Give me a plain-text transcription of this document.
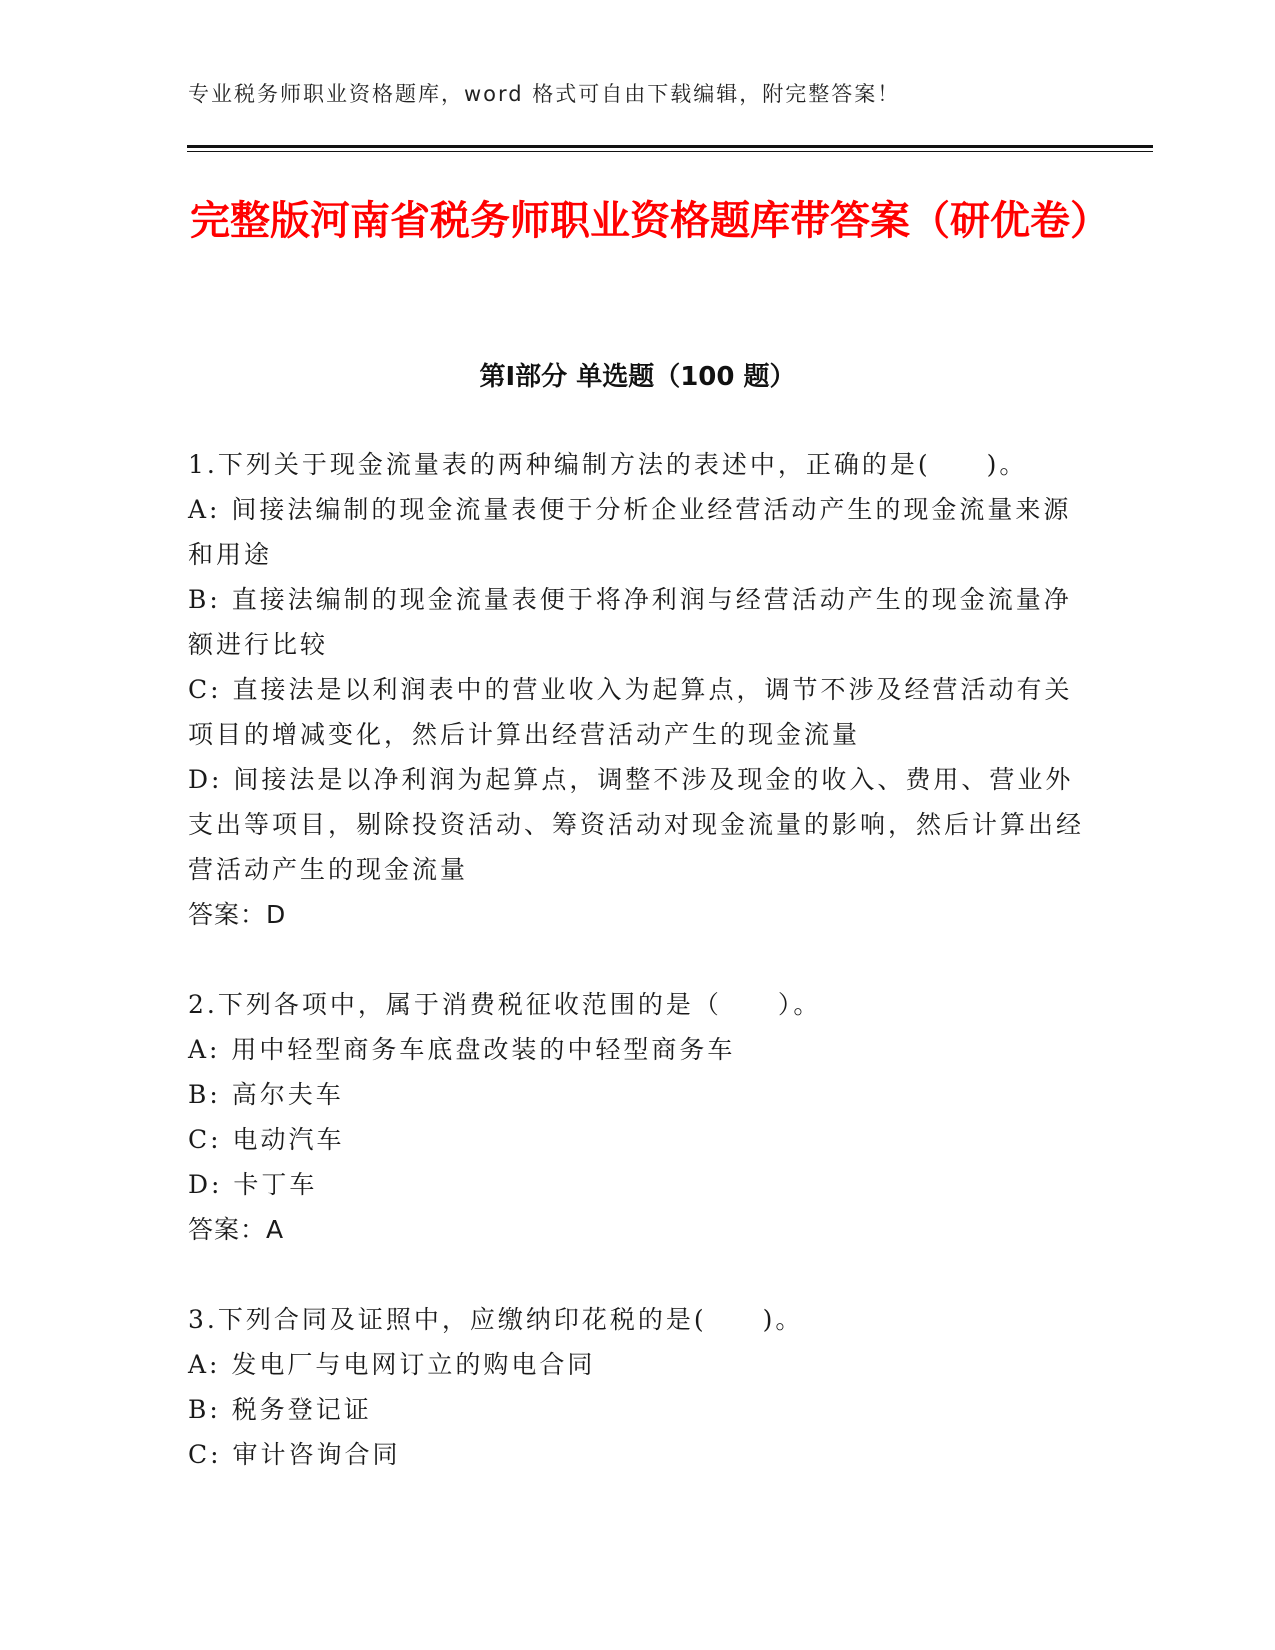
专业税务师职业资格题库，word 格式可自由下载编辑，附完整答案！
完整版河南省税务师职业资格题库带答案（研优卷）
第Ⅰ部分 单选题（100 题）

1.下列关于现金流量表的两种编制方法的表述中，正确的是(　　)。

A: 间接法编制的现金流量表便于分析企业经营活动产生的现金流量来源和用途

B: 直接法编制的现金流量表便于将净利润与经营活动产生的现金流量净额进行比较

C: 直接法是以利润表中的营业收入为起算点，调节不涉及经营活动有关项目的增减变化，然后计算出经营活动产生的现金流量

D: 间接法是以净利润为起算点，调整不涉及现金的收入、费用、营业外支出等项目，剔除投资活动、筹资活动对现金流量的影响，然后计算出经营活动产生的现金流量

答案：D

2.下列各项中，属于消费税征收范围的是（　　）。

A: 用中轻型商务车底盘改装的中轻型商务车

B: 高尔夫车

C: 电动汽车

D: 卡丁车

答案：A

3.下列合同及证照中，应缴纳印花税的是(　　)。

A: 发电厂与电网订立的购电合同

B: 税务登记证

C: 审计咨询合同
